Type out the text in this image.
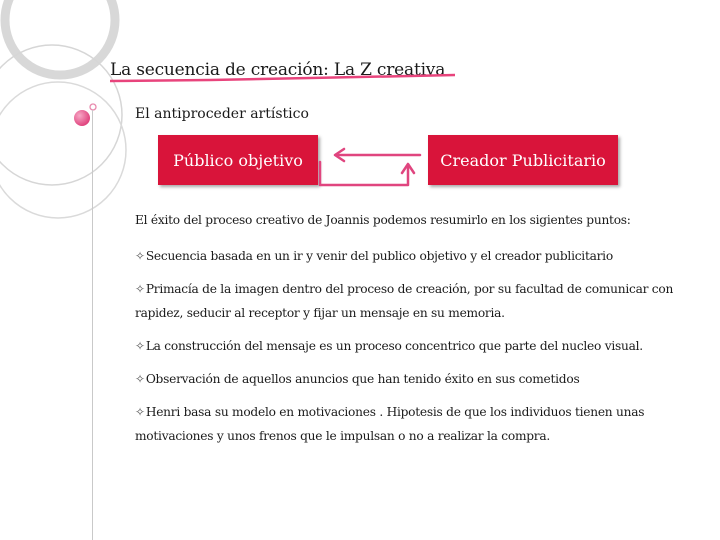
La secuencia de creación: La Z creativa
El antiproceder artístico
Público objetivo	Creador Publicitario

El éxito del proceso creativo de Joannis podemos resumirlo en los sigientes puntos:

✧Secuencia basada en un ir y venir del publico objetivo y el creador publicitario

✧Primacía de la imagen dentro del proceso de creación, por su facultad de comunicar con rapidez, seducir al receptor y fijar un mensaje en su memoria.

✧La construcción del mensaje es un proceso concentrico que parte del nucleo visual.

✧Observación de aquellos anuncios que han tenido éxito en sus cometidos

✧Henri basa su modelo en motivaciones . Hipotesis de que los individuos tienen unas motivaciones y unos frenos que le impulsan o no a realizar la compra.
